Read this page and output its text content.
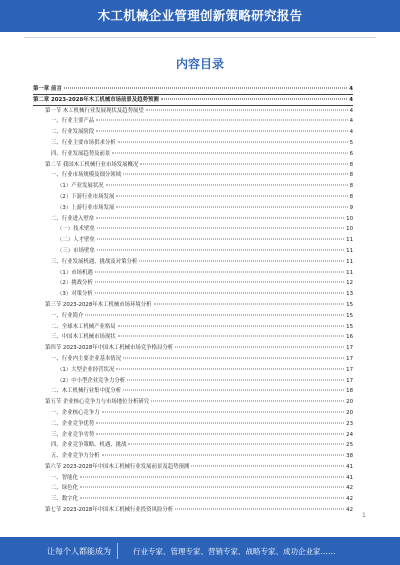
木工机械企业管理创新策略研究报告
内容目录
第一章 前言	4
第二章 2023-2028年木工机械市场前景及趋势预测	4
第一节 木工机械行业发展现状及趋势展望	4
一、行业主要产品	4
二、行业发展阶段	4
三、行业主要市场供求分析	5
四、行业发展趋势及前景	6
第二节 我国木工机械行业市场发展概况	8
一、行业市场规模及细分领域	8
（1）产业发展状况	8
（2）下游行业市场发展	8
（3）上游行业市场发展	9
二、行业进入壁垒	10
（一）技术壁垒	10
（二）人才壁垒	11
（三）市场壁垒	11
三、行业发展机遇、挑战及对策分析	11
（1）市场机遇	11
（2）挑战分析	12
（3）对策分析	13
第三节 2023-2028年木工机械市场环境分析	15
一、行业简介	15
二、全球木工机械产业格局	15
三、中国木工机械市场现状	16
第四节 2023-2028年中国木工机械市场竞争格局分析	17
一、行业内主要企业基本情况	17
（1）大型企业经营状况	17
（2）中小型企业竞争力分析	17
二、木工机械行业集中度分析	18
第五节 企业核心竞争力与市场地位分析研究	20
一、企业核心竞争力	20
二、企业竞争优势	23
三、企业竞争劣势	24
四、企业竞争策略、机遇、挑战	25
五、企业竞争力分析	38
第六节 2023-2028年中国木工机械行业发展前景及趋势预测	41
一、智能化	41
二、绿色化	42
三、数字化	42
第七节 2023-2028年中国木工机械行业投资风险分析	42
1
让每个人都能成为	行业专家、管理专家、营销专家、战略专家、成功企业家……
